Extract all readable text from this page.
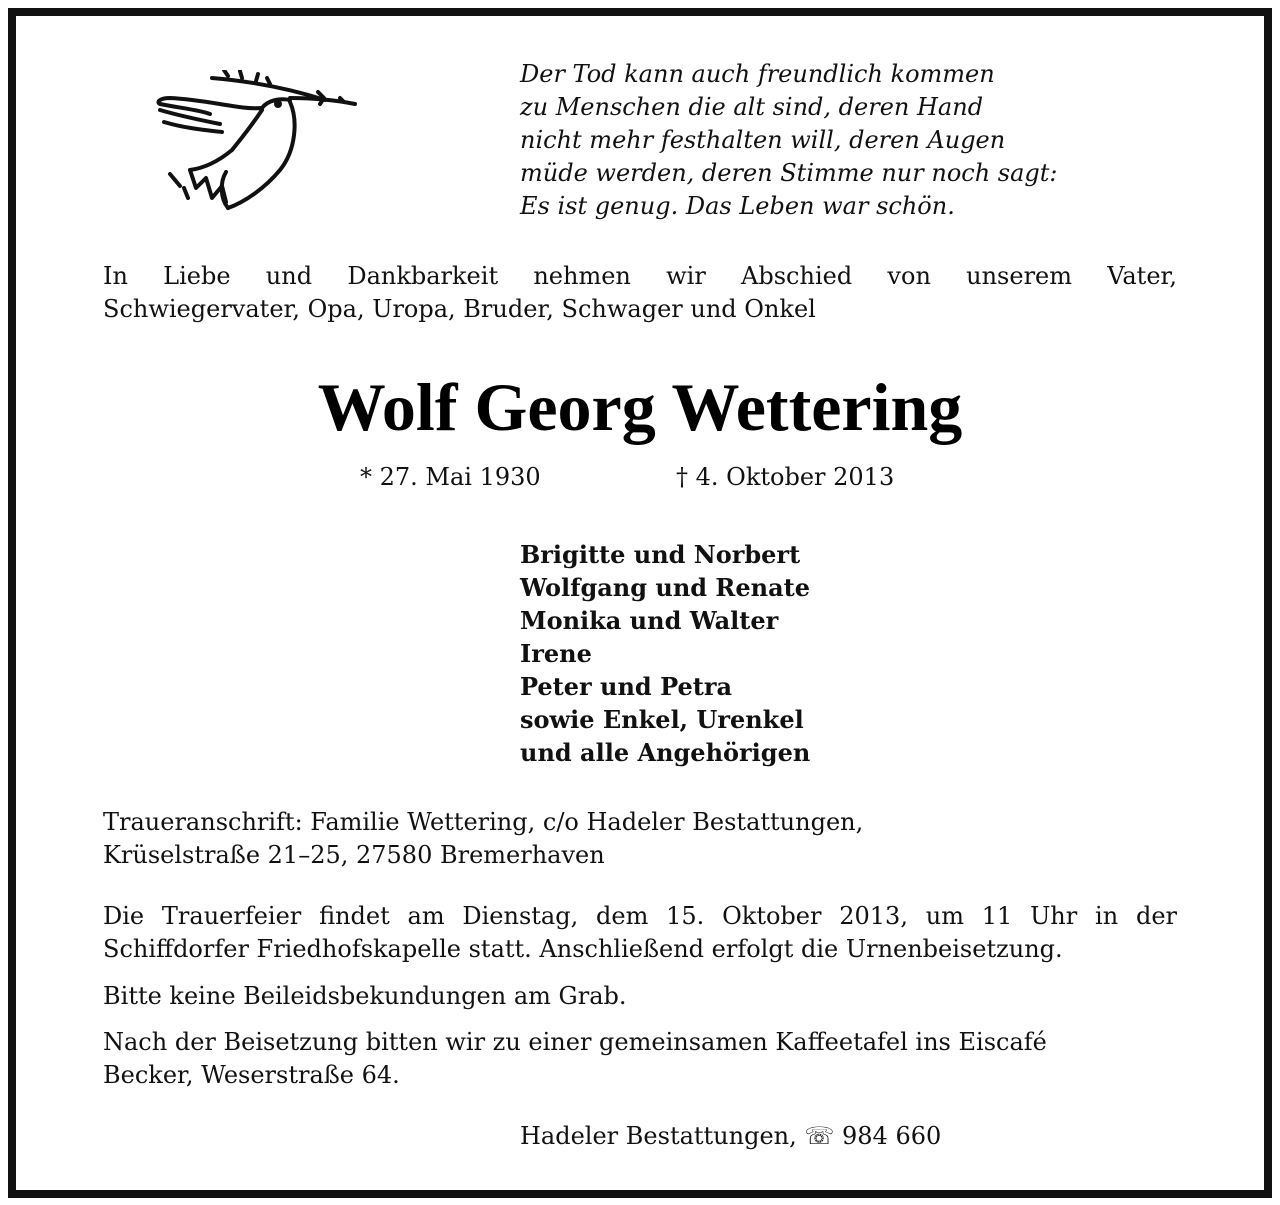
Der Tod kann auch freundlich kommen
zu Menschen die alt sind, deren Hand
nicht mehr festhalten will, deren Augen
müde werden, deren Stimme nur noch sagt:
Es ist genug. Das Leben war schön.
In Liebe und Dankbarkeit nehmen wir Abschied von unserem Vater,
Schwiegervater, Opa, Uropa, Bruder, Schwager und Onkel
Wolf Georg Wettering
* 27. Mai 1930	† 4. Oktober 2013
Brigitte und Norbert
Wolfgang und Renate
Monika und Walter
Irene
Peter und Petra
sowie Enkel, Urenkel
und alle Angehörigen
Traueranschrift: Familie Wettering, c/o Hadeler Bestattungen,
Krüselstraße 21–25, 27580 Bremerhaven
Die Trauerfeier findet am Dienstag, dem 15. Oktober 2013, um 11 Uhr in der
Schiffdorfer Friedhofskapelle statt. Anschließend erfolgt die Urnenbeisetzung.
Bitte keine Beileidsbekundungen am Grab.
Nach der Beisetzung bitten wir zu einer gemeinsamen Kaffeetafel ins Eiscafé
Becker, Weserstraße 64.
Hadeler Bestattungen, ☏ 984 660
